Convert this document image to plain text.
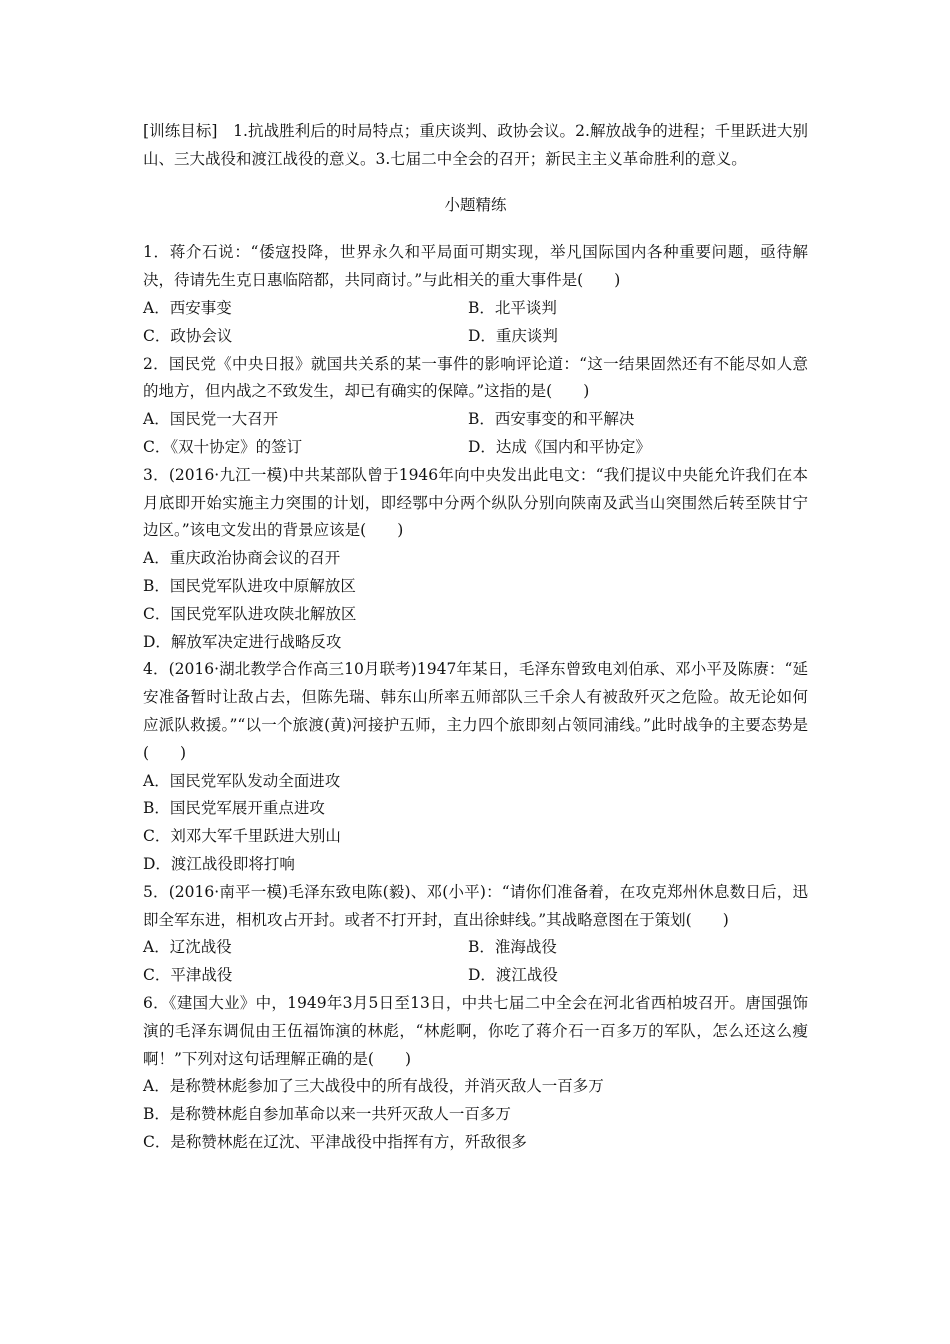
[训练目标]　1.抗战胜利后的时局特点；重庆谈判、政协会议。2.解放战争的进程；千里跃进大别山、三大战役和渡江战役的意义。3.七届二中全会的召开；新民主主义革命胜利的意义。
小题精练

1．蒋介石说：“倭寇投降，世界永久和平局面可期实现，举凡国际国内各种重要问题，亟待解决，待请先生克日惠临陪都，共同商讨。”与此相关的重大事件是(　　)

A．西安事变	B．北平谈判
C．政协会议	D．重庆谈判

2．国民党《中央日报》就国共关系的某一事件的影响评论道：“这一结果固然还有不能尽如人意的地方，但内战之不致发生，却已有确实的保障。”这指的是(　　)

A．国民党一大召开	B．西安事变的和平解决
C．《双十协定》的签订	D．达成《国内和平协定》

3．(2016·九江一模)中共某部队曾于1946年向中央发出此电文：“我们提议中央能允许我们在本月底即开始实施主力突围的计划，即经鄂中分两个纵队分别向陕南及武当山突围然后转至陕甘宁边区。”该电文发出的背景应该是(　　)

A．重庆政治协商会议的召开
B．国民党军队进攻中原解放区
C．国民党军队进攻陕北解放区
D．解放军决定进行战略反攻

4．(2016·湖北教学合作高三10月联考)1947年某日，毛泽东曾致电刘伯承、邓小平及陈赓：“延安准备暂时让敌占去，但陈先瑞、韩东山所率五师部队三千余人有被敌歼灭之危险。故无论如何应派队救援。”“以一个旅渡(黄)河接护五师，主力四个旅即刻占领同浦线。”此时战争的主要态势是(　　)

A．国民党军队发动全面进攻
B．国民党军展开重点进攻
C．刘邓大军千里跃进大别山
D．渡江战役即将打响

5．(2016·南平一模)毛泽东致电陈(毅)、邓(小平)：“请你们准备着，在攻克郑州休息数日后，迅即全军东进，相机攻占开封。或者不打开封，直出徐蚌线。”其战略意图在于策划(　　)

A．辽沈战役	B．淮海战役
C．平津战役	D．渡江战役

6．《建国大业》中，1949年3月5日至13日，中共七届二中全会在河北省西柏坡召开。唐国强饰演的毛泽东调侃由王伍福饰演的林彪，“林彪啊，你吃了蒋介石一百多万的军队，怎么还这么瘦啊！”下列对这句话理解正确的是(　　)

A．是称赞林彪参加了三大战役中的所有战役，并消灭敌人一百多万
B．是称赞林彪自参加革命以来一共歼灭敌人一百多万
C．是称赞林彪在辽沈、平津战役中指挥有方，歼敌很多
